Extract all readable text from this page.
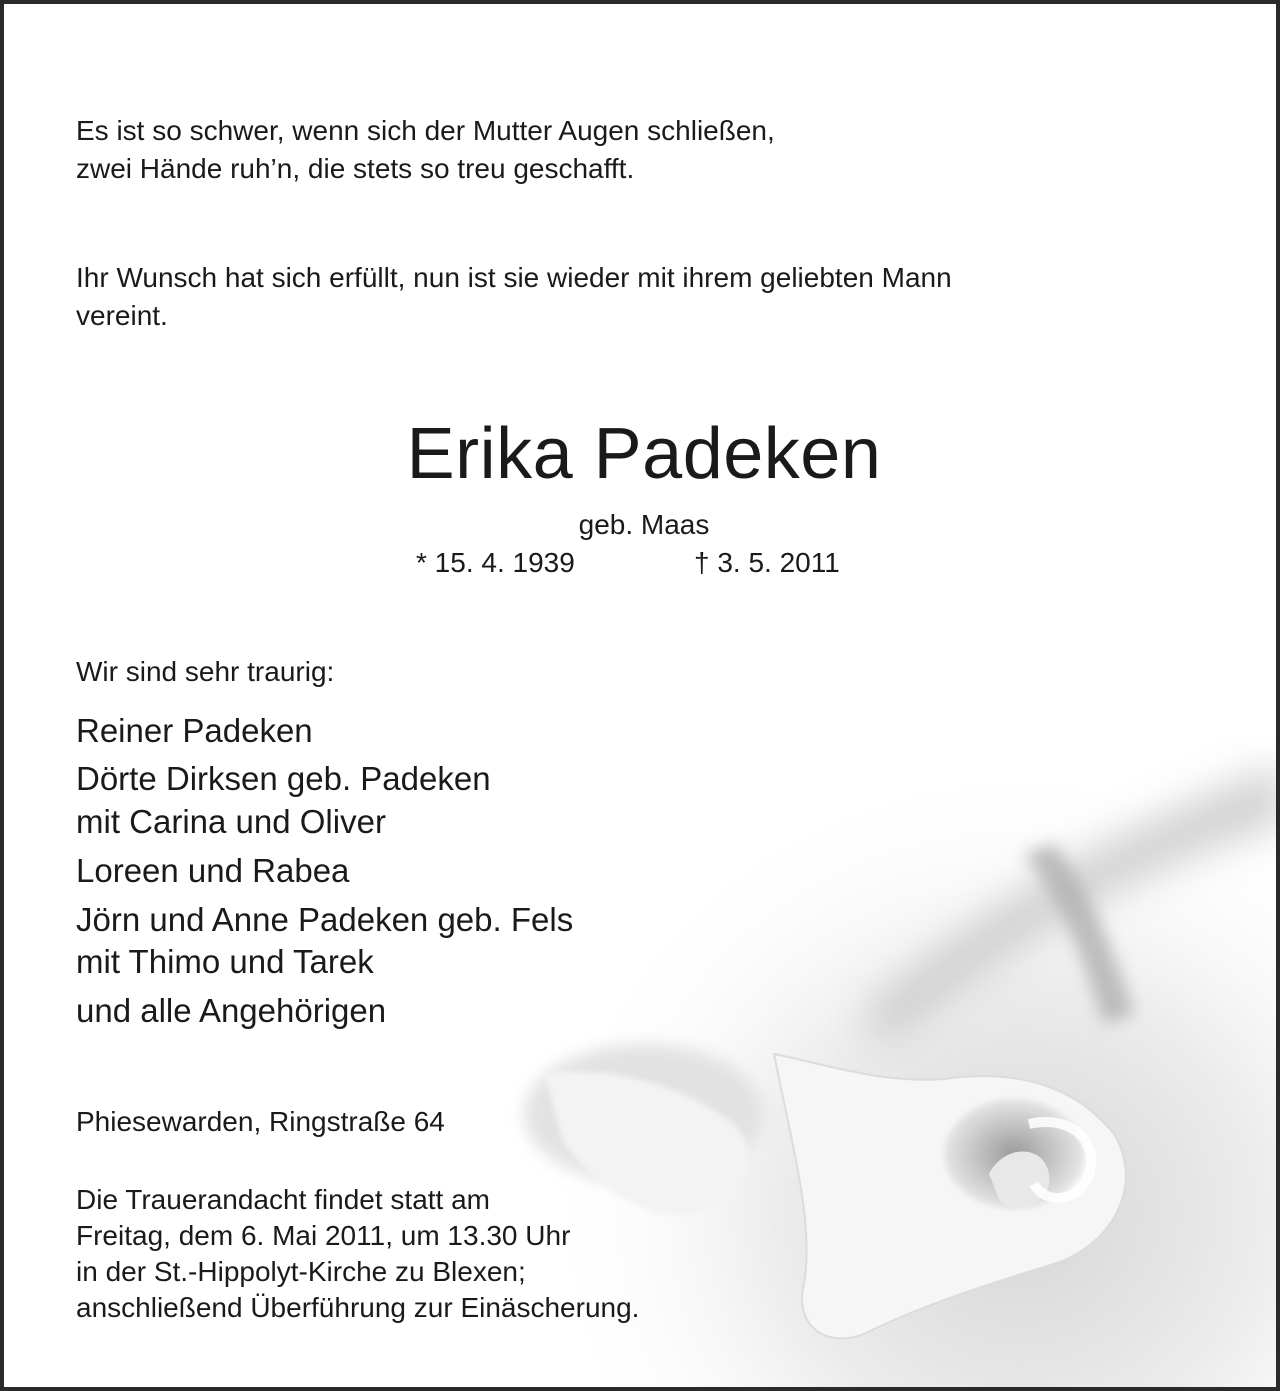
Es ist so schwer, wenn sich der Mutter Augen schließen,
zwei Hände ruh’n, die stets so treu geschafft.
Ihr Wunsch hat sich erfüllt, nun ist sie wieder mit ihrem geliebten Mann
vereint.
Erika Padeken
geb. Maas
* 15. 4. 1939	† 3. 5. 2011
Wir sind sehr traurig:
Reiner Padeken
Dörte Dirksen geb. Padeken
mit Carina und Oliver
Loreen und Rabea
Jörn und Anne Padeken geb. Fels
mit Thimo und Tarek
und alle Angehörigen
Phiesewarden, Ringstraße 64
Die Trauerandacht findet statt am
Freitag, dem 6. Mai 2011, um 13.30 Uhr
in der St.-Hippolyt-Kirche zu Blexen;
anschließend Überführung zur Einäscherung.
